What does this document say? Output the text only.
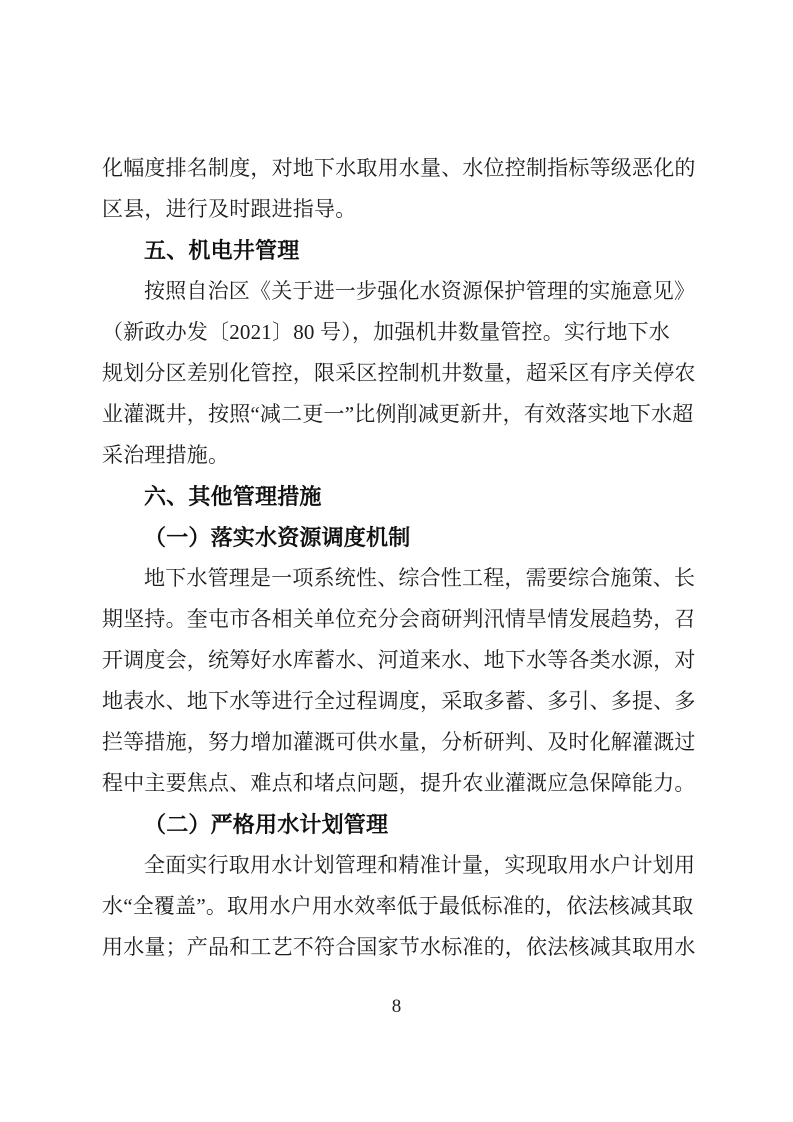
化幅度排名制度，对地下水取用水量、水位控制指标等级恶化的
区县，进行及时跟进指导。
五、机电井管理
按照自治区《关于进一步强化水资源保护管理的实施意见》
（新政办发〔2021〕80 号），加强机井数量管控。实行地下水
规划分区差别化管控，限采区控制机井数量，超采区有序关停农
业灌溉井，按照“减二更一”比例削减更新井，有效落实地下水超
采治理措施。
六、其他管理措施
（一）落实水资源调度机制
地下水管理是一项系统性、综合性工程，需要综合施策、长
期坚持。奎屯市各相关单位充分会商研判汛情旱情发展趋势，召
开调度会，统筹好水库蓄水、河道来水、地下水等各类水源，对
地表水、地下水等进行全过程调度，采取多蓄、多引、多提、多
拦等措施，努力增加灌溉可供水量，分析研判、及时化解灌溉过
程中主要焦点、难点和堵点问题，提升农业灌溉应急保障能力。
（二）严格用水计划管理
全面实行取用水计划管理和精准计量，实现取用水户计划用
水“全覆盖”。取用水户用水效率低于最低标准的，依法核减其取
用水量；产品和工艺不符合国家节水标准的，依法核减其取用水
8
